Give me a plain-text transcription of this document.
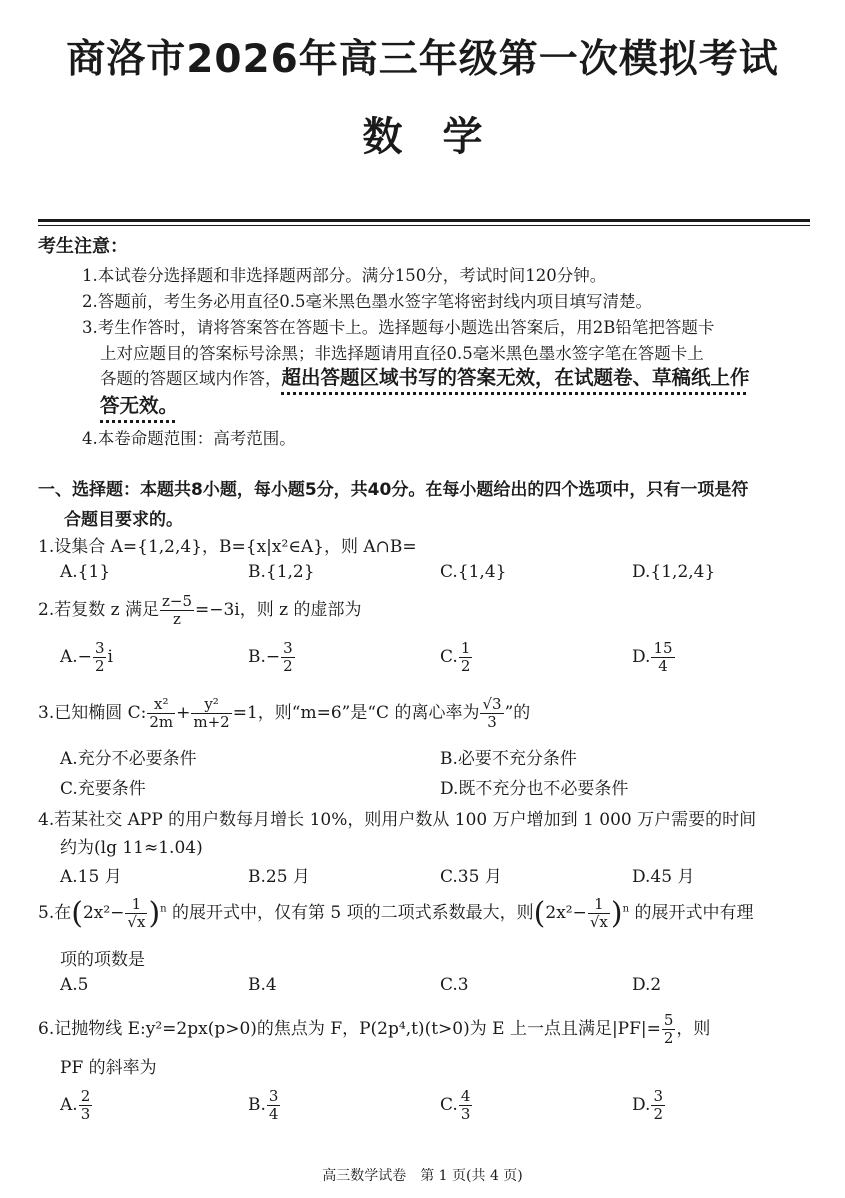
商洛市2026年高三年级第一次模拟考试
数学
考生注意：
1.本试卷分选择题和非选择题两部分。满分150分，考试时间120分钟。
2.答题前，考生务必用直径0.5毫米黑色墨水签字笔将密封线内项目填写清楚。
3.考生作答时，请将答案答在答题卡上。选择题每小题选出答案后，用2B铅笔把答题卡
上对应题目的答案标号涂黑；非选择题请用直径0.5毫米黑色墨水签字笔在答题卡上
各题的答题区域内作答，超出答题区域书写的答案无效，在试题卷、草稿纸上作
答无效。
4.本卷命题范围：高考范围。
一、选择题：本题共8小题，每小题5分，共40分。在每小题给出的四个选项中，只有一项是符
合题目要求的。
1.设集合 A={1,2,4}，B={x|x²∈A}，则 A∩B=
A.{1}	B.{1,2}	C.{1,4}	D.{1,2,4}
2.若复数 z 满足 $\frac{z-5}{z} =-3i$，则 z 的虚部为
$A.- \frac{3}{2}$ i	$B.- \frac{3}{2}$	C. $\frac{1}{2}$	D. $\frac{15}{4}$
3.已知椭圆 C: $\frac{\text{x²}}{2m} + \frac{\text{y²}}{m+2} =1$，则“m=6”是“C 的离心率为 $\frac{√3}{3}$ ”的
A.充分不必要条件	B.必要不充分条件
C.充要条件	D.既不充分也不必要条件
4.若某社交 APP 的用户数每月增长 10%，则用户数从 100 万户增加到 1 000 万户需要的时间
约为(lg 11≈1.04)
A.15 月	B.25 月	C.35 月	D.45 月
5.在$(2x^2- \frac{1}{√x} )^n$ 的展开式中，仅有第 5 项的二项式系数最大，则$(2x^2- \frac{1}{√x} )^n$ 的展开式中有理
项的项数是
A.5	B.4	C.3	D.2
6.记抛物线 E:y²=2px(p>0)的焦点为 F，P(2p⁴,t)(t>0)为 E 上一点且满足$|PF|= \frac{5}{2}$ ，则
PF 的斜率为
A. $\frac{2}{3}$	B. $\frac{3}{4}$	C. $\frac{4}{3}$	D. $\frac{3}{2}$
高三数学试卷　第 1 页(共 4 页)
